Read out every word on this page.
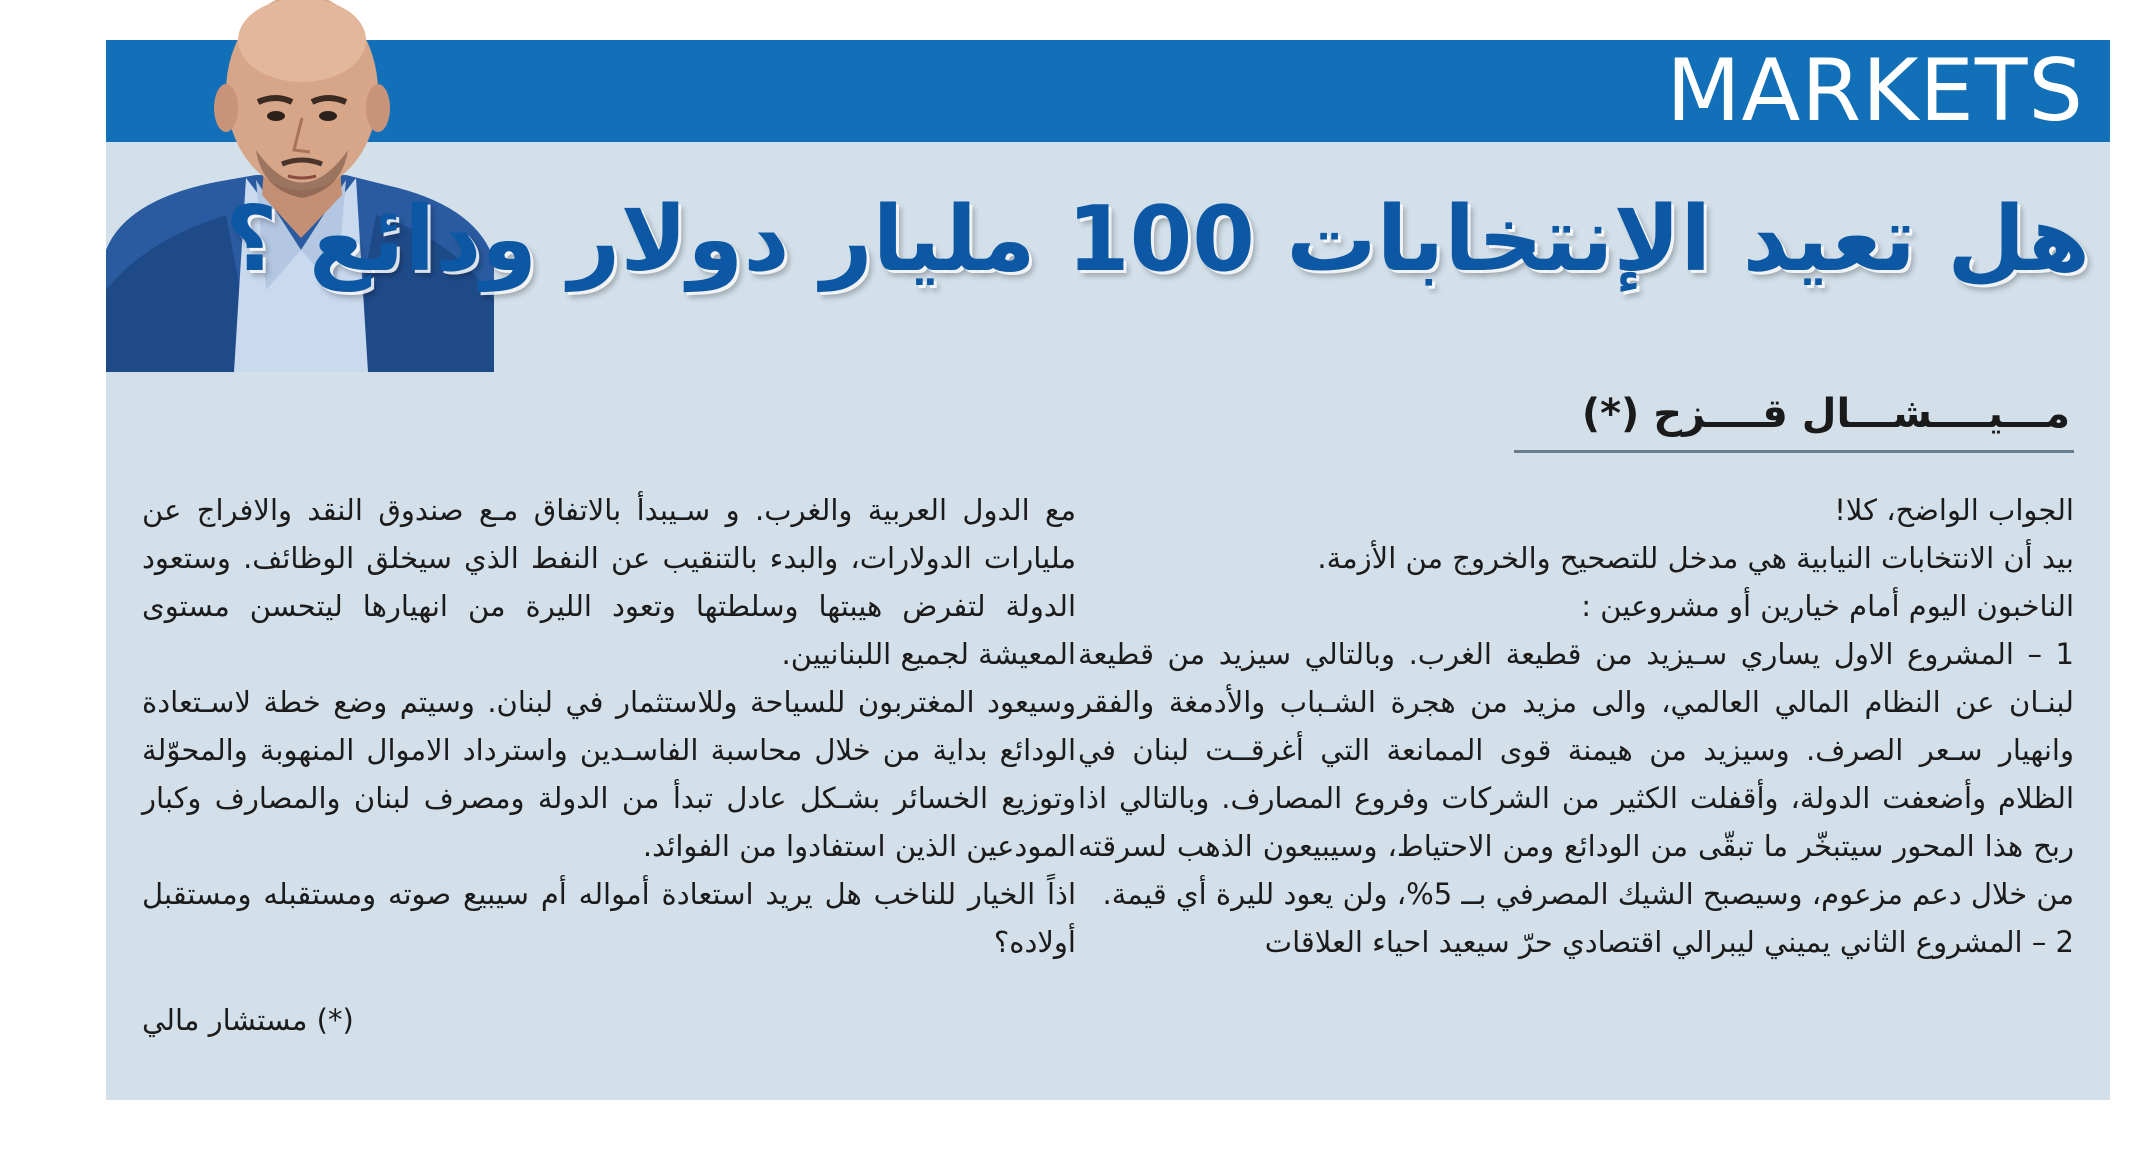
MARKETS
هل تعيد الإنتخابات 100 مليار دولار ودائع ؟
مـــيــــشـــال قــــزح (*)

الجواب الواضح، كلا!

بيد أن الانتخابات النيابية هي مدخل للتصحيح والخروج من الأزمة.

الناخبون اليوم أمام خيارين أو مشروعين :

1 – المشروع الاول يساري سـيزيد من قطيعة الغرب. وبالتالي سيزيد من قطيعة لبنـان عن النظام المالي العالمي، والى مزيد من هجرة الشـباب والأدمغة والفقر وانهيار سـعر الصرف. وسيزيد من هيمنة قوى الممانعة التي أغرقــت لبنان في الظلام وأضعفت الدولة، وأقفلت الكثير من الشركات وفروع المصارف. وبالتالي اذا ربح هذا المحور سيتبخّر ما تبقّى من الودائع ومن الاحتياط، وسيبيعون الذهب لسرقته من خلال دعم مزعوم، وسيصبح الشيك المصرفي بــ 5%، ولن يعود لليرة أي قيمة.

2 – المشروع الثاني يميني ليبرالي اقتصادي حرّ سيعيد احياء العلاقات

مع الدول العربية والغرب. و سـيبدأ بالاتفاق مـع صندوق النقد والافراج عن مليارات الدولارات، والبدء بالتنقيب عن النفط الذي سيخلق الوظائف. وستعود الدولة لتفرض هيبتها وسلطتها وتعود الليرة من انهيارها ليتحسن مستوى المعيشة لجميع اللبنانيين.

وسيعود المغتربون للسياحة وللاستثمار في لبنان. وسيتم وضع خطة لاسـتعادة الودائع بداية من خلال محاسبة الفاسـدين واسترداد الاموال المنهوبة والمحوّلة وتوزيع الخسائر بشـكل عادل تبدأ من الدولة ومصرف لبنان والمصارف وكبار المودعين الذين استفادوا من الفوائد.

اذاً الخيار للناخب هل يريد استعادة أمواله أم سيبيع صوته ومستقبله ومستقبل أولاده؟

(*) مستشار مالي
